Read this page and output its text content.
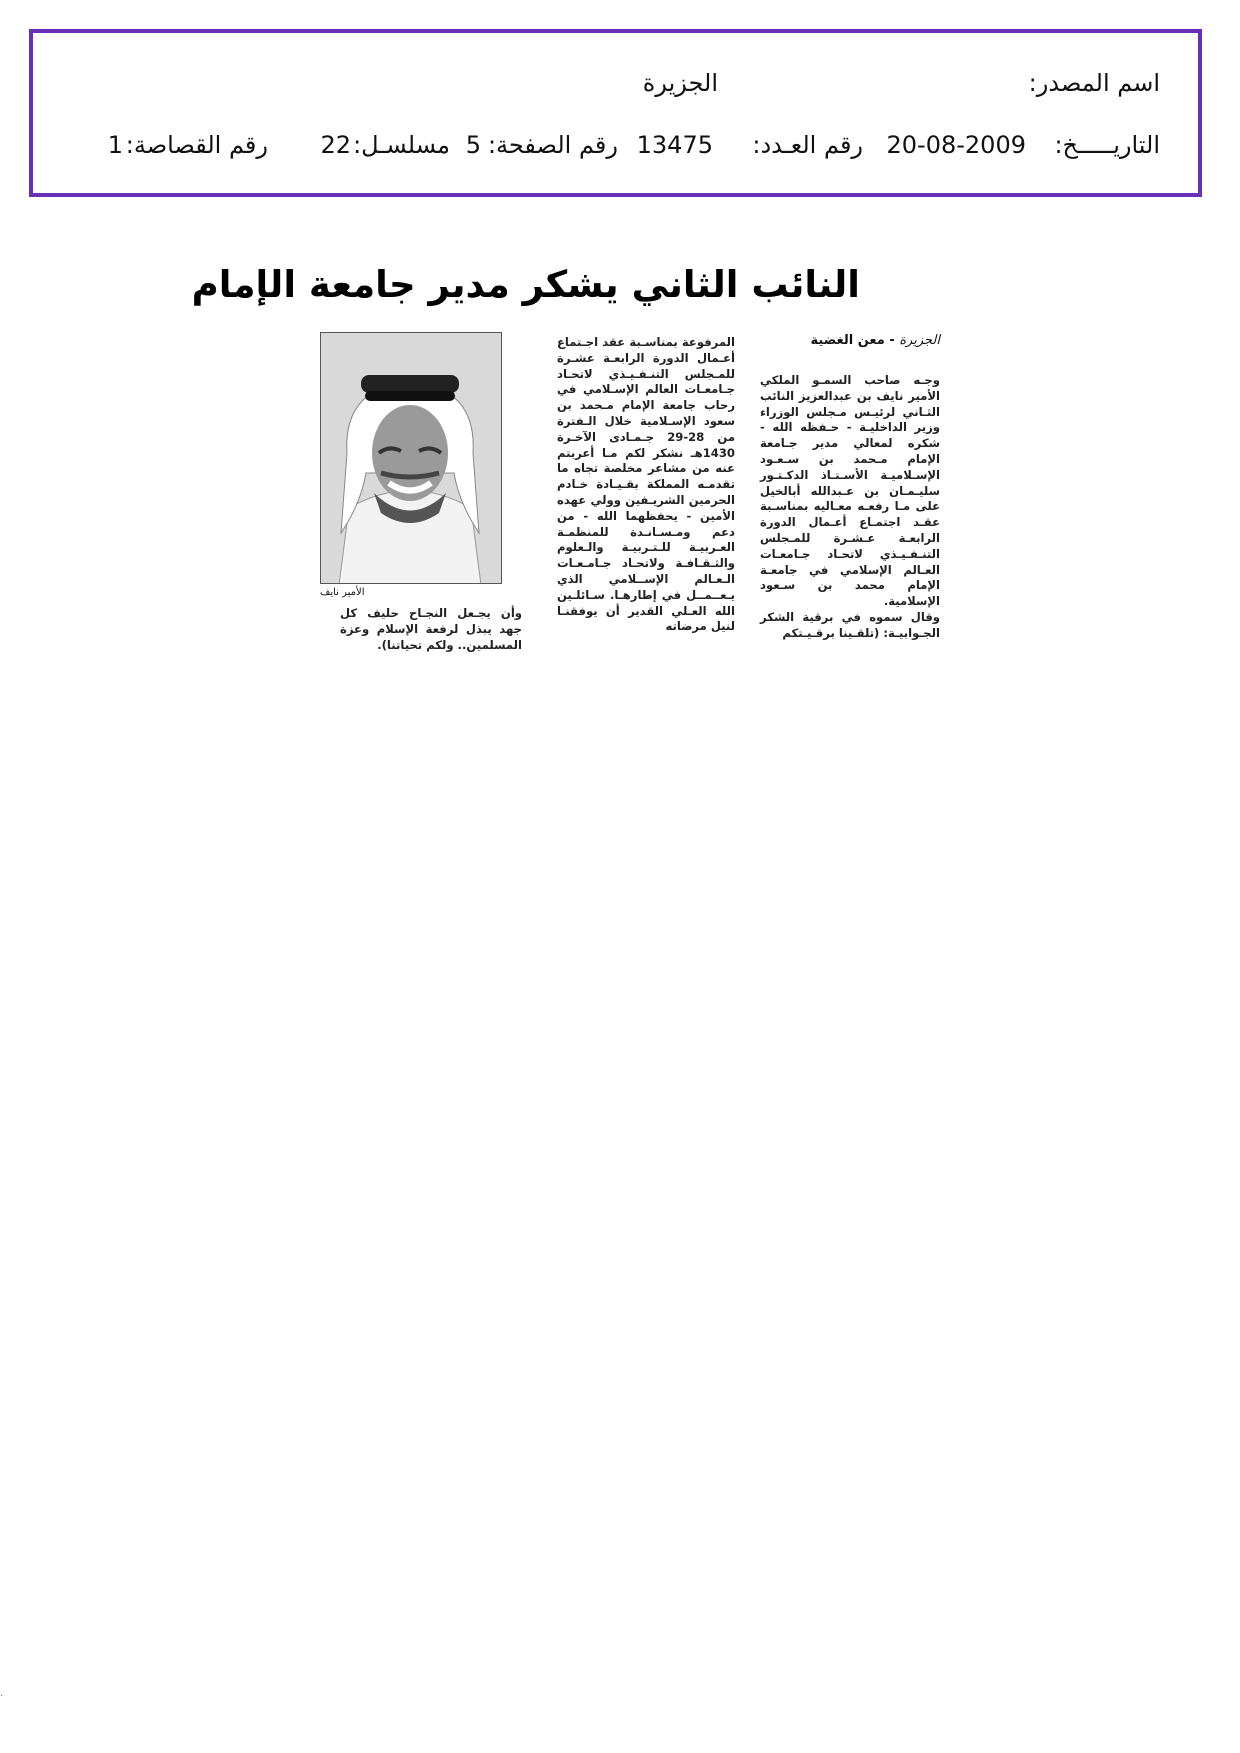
اسم المصدر:
الجزيرة
التاريـــــخ:
20-08-2009
رقم العـدد:
13475
رقم الصفحة:
5
مسلسـل:
22
رقم القصاصة:
1
النائب الثاني يشكر مدير جامعة الإمام
الجزيرة - معن الغضية

وجـه صاحب السمـو الملكي الأمير نايف بن عبدالعزيز النائب الثـاني لرئيـس مـجلس الوزراء وزير الداخليـة - حـفظه الله - شكره لمعالي مدير جـامعة الإمام مـحمد بن سـعـود الإسـلاميـة الأسـتـاذ الدكـتـور سليـمـان بن عـبدالله أبالخيل على مـا رفعـه معـاليه بمناسـبة عقـد اجتمـاع أعـمال الدورة الرابعـة عـشـرة للمـجلس التنـفـيـذي لاتحـاد جـامعـات العـالم الإسلامي في جامعـة الإمام محمد بن سـعود الإسلامية.

وقال سموه في برقية الشكر الجـوابيـة: (تلقـينا برقـيـتكم

المرفوعة بمناسـبة عقد اجـتماع أعـمال الدورة الرابعـة عشـرة للمـجلس التنـفـيـذي لاتحـاد جـامعـات العالم الإسـلامي في رحاب جامعة الإمام مـحمد بن سعود الإسـلامية خلال الـفترة من 28-29 جـمـادى الآخـرة 1430هـ نشكر لكم مـا أعربتم عنه من مشاعر مخلصة تجاه ما تقدمـه المملكة بقـيـادة خـادم الحرمين الشريـفين وولي عهده الأمين - يحفظهما الله - من دعم ومـسـانـدة للمنظمـة العـربيـة للـتـربيـة والـعلوم والثـقـافـة ولاتحـاد جـامـعـات الـعـالم الإســلامي الذي يـعــمــل في إطارهـا. سـائلـين الله العـلي القدير أن يوفقنـا لنيل مرضاته

الأمير نايف

وأن يجـعل النجـاح حليف كل جهد يبذل لرفعة الإسلام وعزة المسلمين.. ولكم تحياتنا).

.
